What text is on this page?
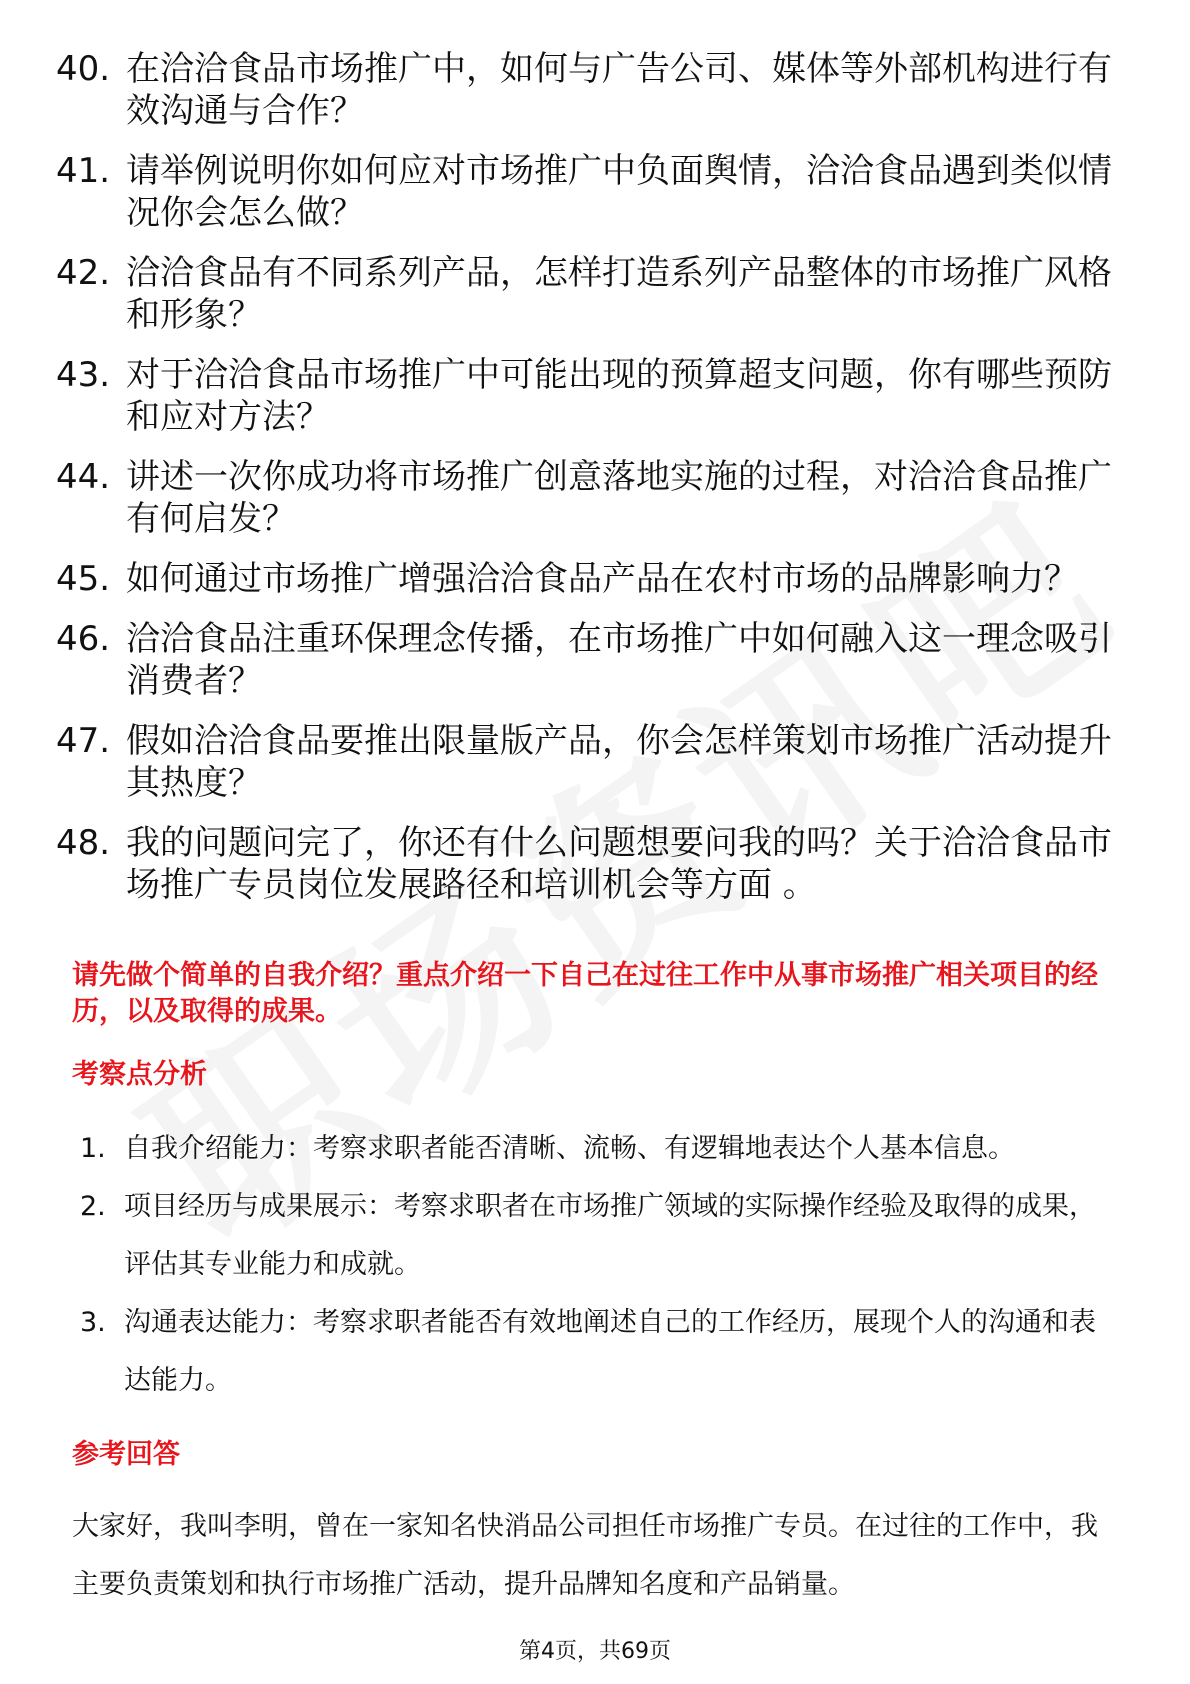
40. 在洽洽食品市场推广中，如何与广告公司、媒体等外部机构进行有效沟通与合作？
41. 请举例说明你如何应对市场推广中负面舆情，洽洽食品遇到类似情况你会怎么做？
42. 洽洽食品有不同系列产品，怎样打造系列产品整体的市场推广风格和形象？
43. 对于洽洽食品市场推广中可能出现的预算超支问题，你有哪些预防和应对方法？
44. 讲述一次你成功将市场推广创意落地实施的过程，对洽洽食品推广有何启发？
45. 如何通过市场推广增强洽洽食品产品在农村市场的品牌影响力？
46. 洽洽食品注重环保理念传播，在市场推广中如何融入这一理念吸引消费者？
47. 假如洽洽食品要推出限量版产品，你会怎样策划市场推广活动提升其热度？
48. 我的问题问完了，你还有什么问题想要问我的吗？关于洽洽食品市场推广专员岗位发展路径和培训机会等方面 。
请先做个简单的自我介绍？重点介绍一下自己在过往工作中从事市场推广相关项目的经历，以及取得的成果。
考察点分析
1. 自我介绍能力：考察求职者能否清晰、流畅、有逻辑地表达个人基本信息。
2. 项目经历与成果展示：考察求职者在市场推广领域的实际操作经验及取得的成果，评估其专业能力和成就。
3. 沟通表达能力：考察求职者能否有效地阐述自己的工作经历，展现个人的沟通和表达能力。
参考回答
大家好，我叫李明，曾在一家知名快消品公司担任市场推广专员。在过往的工作中，我主要负责策划和执行市场推广活动，提升品牌知名度和产品销量。
第4页，共69页
